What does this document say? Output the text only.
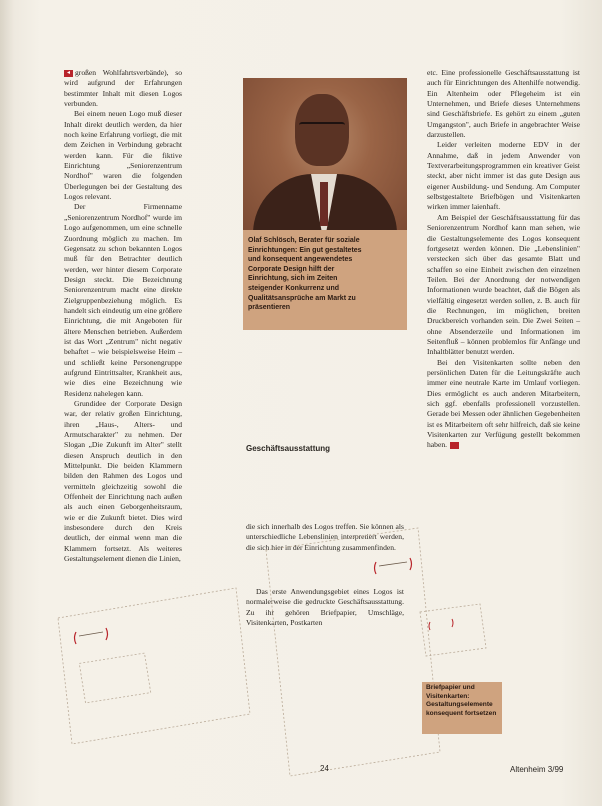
◂ großen Wohlfahrtsverbände), so wird aufgrund der Erfahrungen bestimmter Inhalt mit diesen Logos verbunden.

Bei einem neuen Logo muß dieser Inhalt direkt deutlich werden, da hier noch keine Erfahrung vorliegt, die mit dem Zeichen in Verbindung gebracht werden kann. Für die fiktive Einrichtung „Seniorenzentrum Nordhof" waren die folgenden Überlegungen bei der Gestaltung des Logos relevant.

Der Firmenname „Seniorenzentrum Nordhof" wurde im Logo aufgenommen, um eine schnelle Zuordnung möglich zu machen. Im Gegensatz zu schon bekannten Logos muß für den Betrachter deutlich werden, wer hinter diesem Corporate Design steckt. Die Bezeichnung Seniorenzentrum macht eine direkte Zielgruppenbeziehung möglich. Es handelt sich eindeutig um eine größere Einrichtung, die mit Angeboten für ältere Menschen betrieben. Außerdem ist das Wort „Zentrum" nicht negativ behaftet – wie beispielsweise Heim – und schließt keine Personengruppe aufgrund Eintrittsalter, Krankheit aus, wie dies eine Bezeichnung wie Residenz nahelegen kann.

Grundidee der Corporate Design war, der relativ großen Einrichtung, ihren „Haus-, Alters- und Armutscharakter" zu nehmen. Der Slogan „Die Zukunft im Alter" stellt diesen Anspruch deutlich in den Mittelpunkt. Die beiden Klammern bilden den Rahmen des Logos und vermitteln gleichzeitig sowohl die Offenheit der Einrichtung nach außen als auch einen Geborgenheitsraum, wie er die Zukunft bietet. Dies wird insbesondere durch den Kreis deutlich, der einmal wenn man die Klammern fortsetzt. Als weiteres Gestaltungselement dienen die Linien,

Olaf Schlösch, Berater für soziale Einrichtungen: Ein gut gestaltetes und konsequent angewendetes Corporate Design hilft der Einrichtung, sich im Zeiten steigender Konkurrenz und Qualitätsansprüche am Markt zu präsentieren

die sich innerhalb des Logos treffen. Sie können als unterschiedliche Lebenslinien interpretiert werden, die sich hier in der Einrichtung zusammenfinden.

Das erste Anwendungsgebiet eines Logos ist normalerweise die gedruckte Geschäftsausstattung. Zu ihr gehören Briefpapier, Umschläge, Visitenkarten, Postkarten

Geschäftsausstattung

etc. Eine professionelle Geschäftsausstattung ist auch für Einrichtungen des Altenhilfe notwendig. Ein Altenheim oder Pflegeheim ist ein Unternehmen, und Briefe dieses Unternehmens sind Geschäftsbriefe. Es gehört zu einem „guten Umgangston", auch Briefe in angebrachter Weise darzustellen.

Leider verleiten moderne EDV in der Annahme, daß in jedem Anwender von Textverarbeitungsprogrammen ein kreativer Geist steckt, aber nicht immer ist das gute Design aus eigener Ausbildung- und Sendung. Am Computer selbstgestaltete Briefbögen und Visitenkarten wirken immer laienhaft.

Am Beispiel der Geschäftsausstattung für das Seniorenzentrum Nordhof kann man sehen, wie die Gestaltungselemente des Logos konsequent fortgesetzt werden können. Die „Lebenslinien" verstecken sich über das gesamte Blatt und schaffen so eine Einheit zwischen den einzelnen Teilen. Bei der Anordnung der notwendigen Informationen wurde beachtet, daß die Bögen als vielfältig eingesetzt werden sollen, z. B. auch für die Rechnungen, im möglichen, breiten Druckbereich vorhanden sein. Die Zwei Seiten – ohne Absenderzeile und Informationen im Seitenfluß – können problemlos für Anfänge und Inhaltblätter benutzt werden.

Bei den Visitenkarten sollte neben den persönlichen Daten für die Leitungskräfte auch immer eine neutrale Karte im Umlauf vorliegen. Dies ermöglicht es auch anderen Mitarbeitern, sich ggf. ebenfalls professionell vorzustellen. Gerade bei Messen oder ähnlichen Gegebenheiten ist es Mitarbeitern oft sehr hilfreich, daß sie keine Visitenkarten zur Verfügung gestellt bekommen haben.

Briefpapier und Visitenkarten: Gestaltungselemente konsequent fortsetzen
24	Altenheim 3/99
